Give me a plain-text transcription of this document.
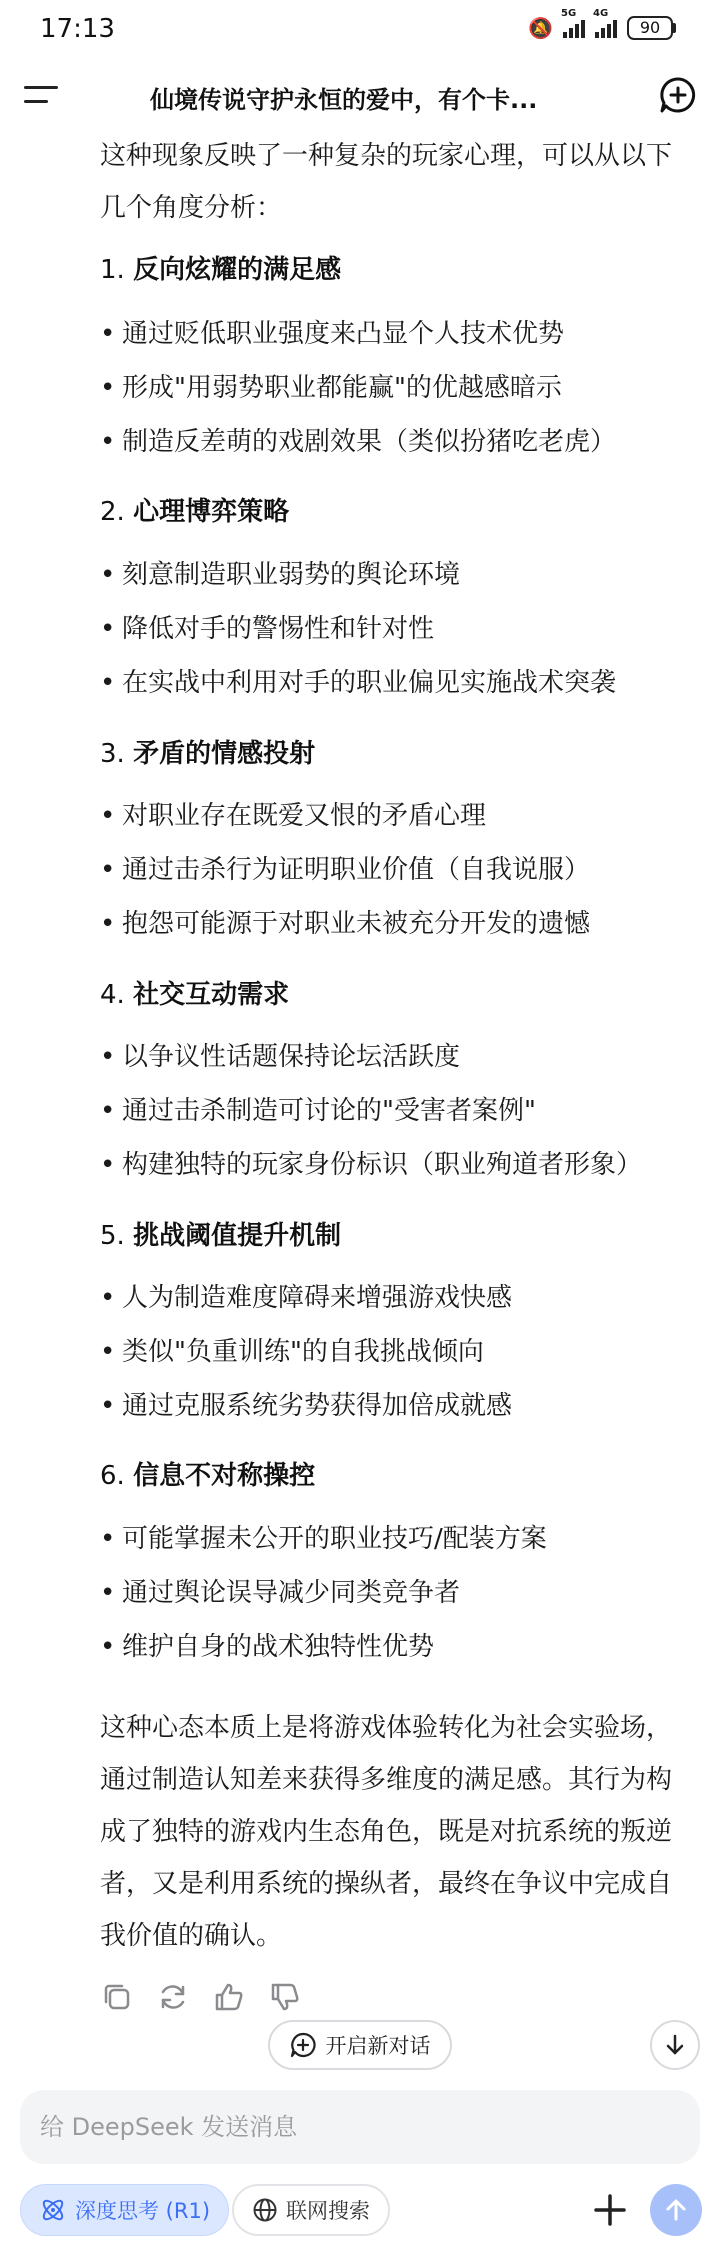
17:13	🔕
5G 4G
90
仙境传说守护永恒的爱中，有个卡...

这种现象反映了一种复杂的玩家心理，可以从以下几个角度分析：

1. 反向炫耀的满足感
• 通过贬低职业强度来凸显个人技术优势
• 形成"用弱势职业都能赢"的优越感暗示
• 制造反差萌的戏剧效果（类似扮猪吃老虎）
2. 心理博弈策略
• 刻意制造职业弱势的舆论环境
• 降低对手的警惕性和针对性
• 在实战中利用对手的职业偏见实施战术突袭
3. 矛盾的情感投射
• 对职业存在既爱又恨的矛盾心理
• 通过击杀行为证明职业价值（自我说服）
• 抱怨可能源于对职业未被充分开发的遗憾
4. 社交互动需求
• 以争议性话题保持论坛活跃度
• 通过击杀制造可讨论的"受害者案例"
• 构建独特的玩家身份标识（职业殉道者形象）
5. 挑战阈值提升机制
• 人为制造难度障碍来增强游戏快感
• 类似"负重训练"的自我挑战倾向
• 通过克服系统劣势获得加倍成就感
6. 信息不对称操控
• 可能掌握未公开的职业技巧/配装方案
• 通过舆论误导减少同类竞争者
• 维护自身的战术独特性优势

这种心态本质上是将游戏体验转化为社会实验场，通过制造认知差来获得多维度的满足感。其行为构成了独特的游戏内生态角色，既是对抗系统的叛逆者，又是利用系统的操纵者，最终在争议中完成自我价值的确认。

开启新对话
给 DeepSeek 发送消息
深度思考 (R1)	联网搜索
